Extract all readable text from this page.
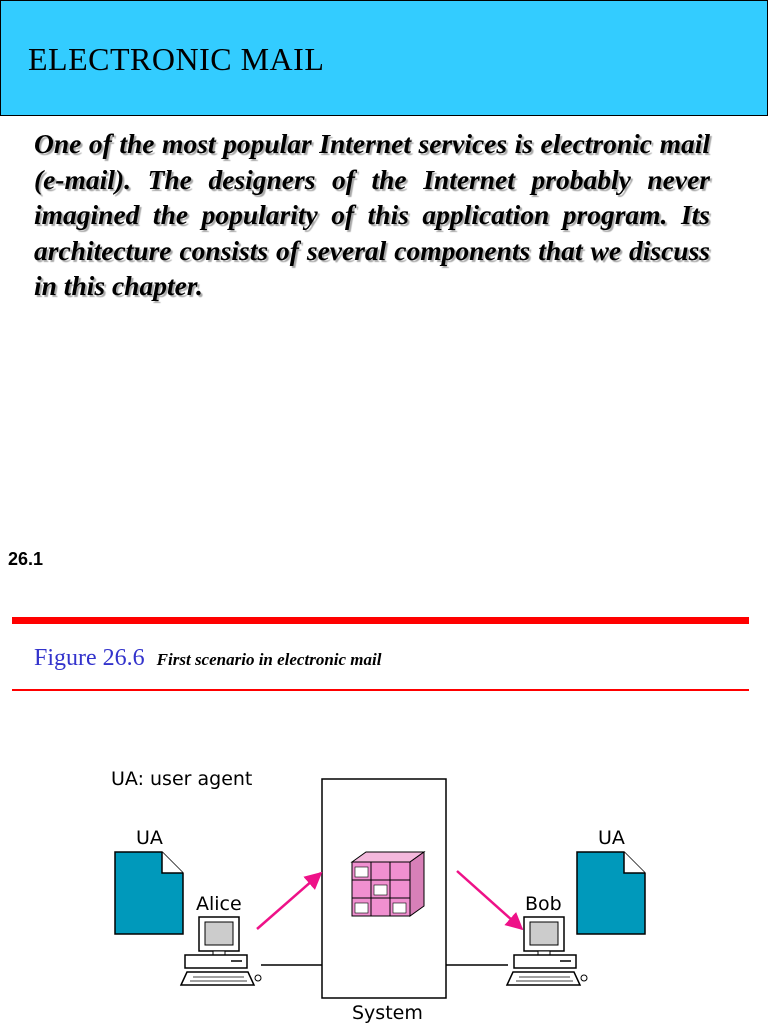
ELECTRONIC MAIL
One of the most popular Internet services is electronic mail (e-mail). The designers of the Internet probably never imagined the popularity of this application program. Its architecture consists of several components that we discuss in this chapter.
26.1
Figure 26.6 First scenario in electronic mail
UA: user agent
System
UA	UA
Alice	Bob
